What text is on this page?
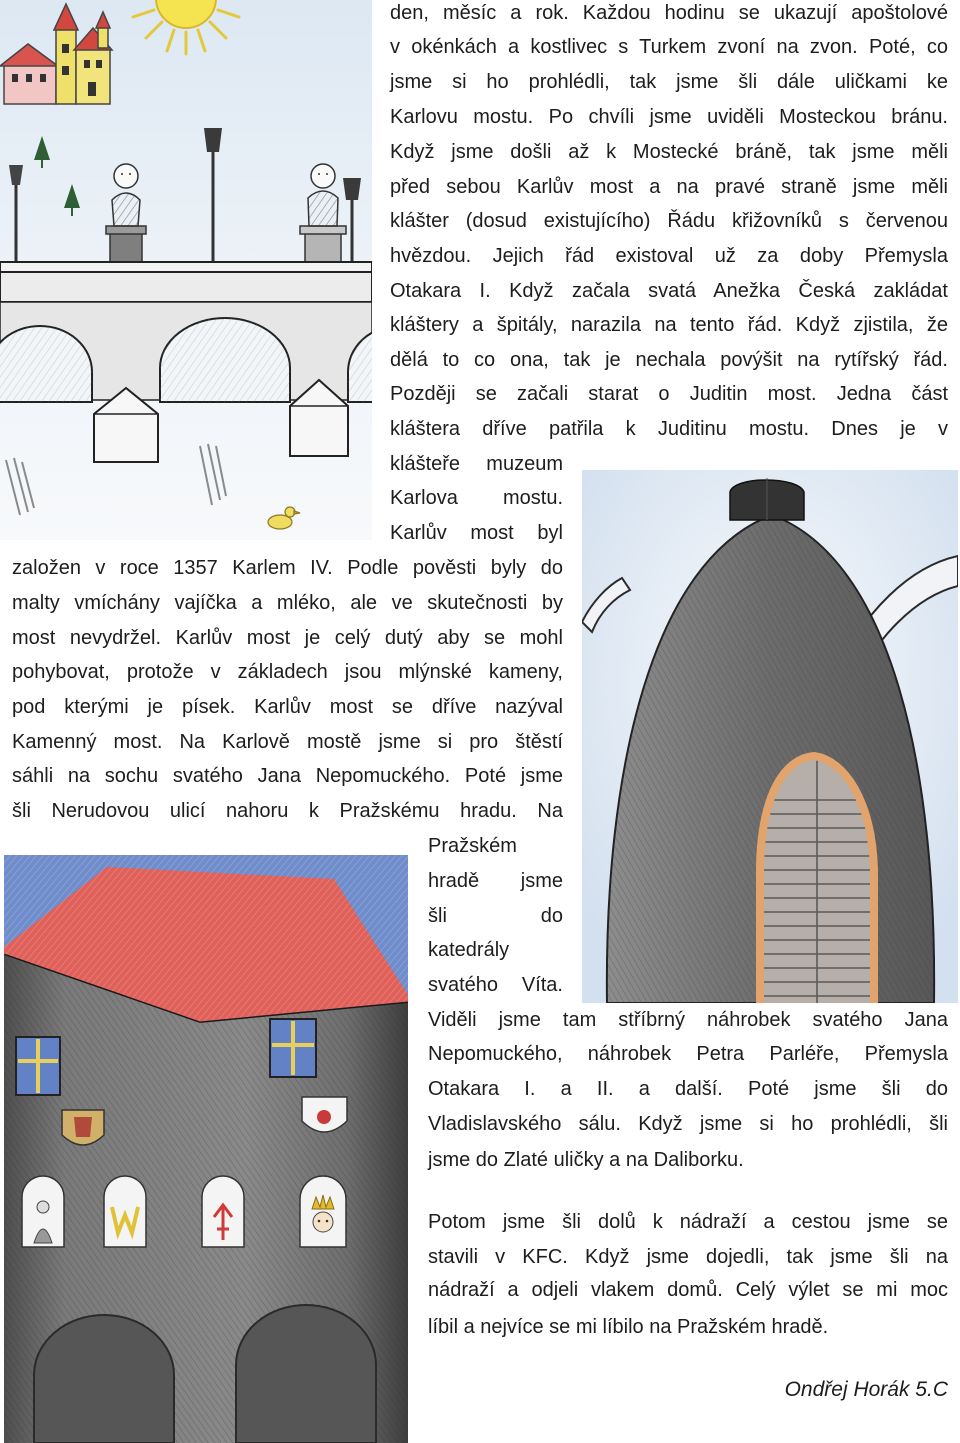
den, měsíc a rok. Každou hodinu se ukazují apoštolové
v okénkách a kostlivec s Turkem zvoní na zvon. Poté, co
jsme si ho prohlédli, tak jsme šli dále uličkami ke
Karlovu mostu. Po chvíli jsme uviděli Mosteckou bránu.
Když jsme došli až k Mostecké bráně, tak jsme měli
před sebou Karlův most a na pravé straně jsme měli
klášter (dosud existujícího) Řádu křižovníků s červenou
hvězdou. Jejich řád existoval už za doby Přemysla
Otakara I. Když začala svatá Anežka Česká zakládat
kláštery a špitály, narazila na tento řád. Když zjistila, že
dělá to co ona, tak je nechala povýšit na rytířský řád.
Později se začali starat o Juditin most. Jedna část
kláštera dříve patřila k Juditinu mostu. Dnes je v
klášteře muzeum
Karlova mostu.
Karlův most byl
založen v roce 1357 Karlem IV. Podle pověsti byly do
malty vmíchány vajíčka a mléko, ale ve skutečnosti by
most nevydržel. Karlův most je celý dutý aby se mohl
pohybovat, protože v základech jsou mlýnské kameny,
pod kterými je písek. Karlův most se dříve nazýval
Kamenný most. Na Karlově mostě jsme si pro štěstí
sáhli na sochu svatého Jana Nepomuckého. Poté jsme
šli Nerudovou ulicí nahoru k Pražskému hradu. Na
Pražském
hradě jsme
šli do
katedrály
svatého Víta.
Viděli jsme tam stříbrný náhrobek svatého Jana
Nepomuckého, náhrobek Petra Parléře, Přemysla
Otakara I. a II. a další. Poté jsme šli do
Vladislavského sálu. Když jsme si ho prohlédli, šli
jsme do Zlaté uličky a na Daliborku.
Potom jsme šli dolů k nádraží a cestou jsme se
stavili v KFC. Když jsme dojedli, tak jsme šli na
nádraží a odjeli vlakem domů. Celý výlet se mi moc
líbil a nejvíce se mi líbilo na Pražském hradě.
Ondřej Horák 5.C
